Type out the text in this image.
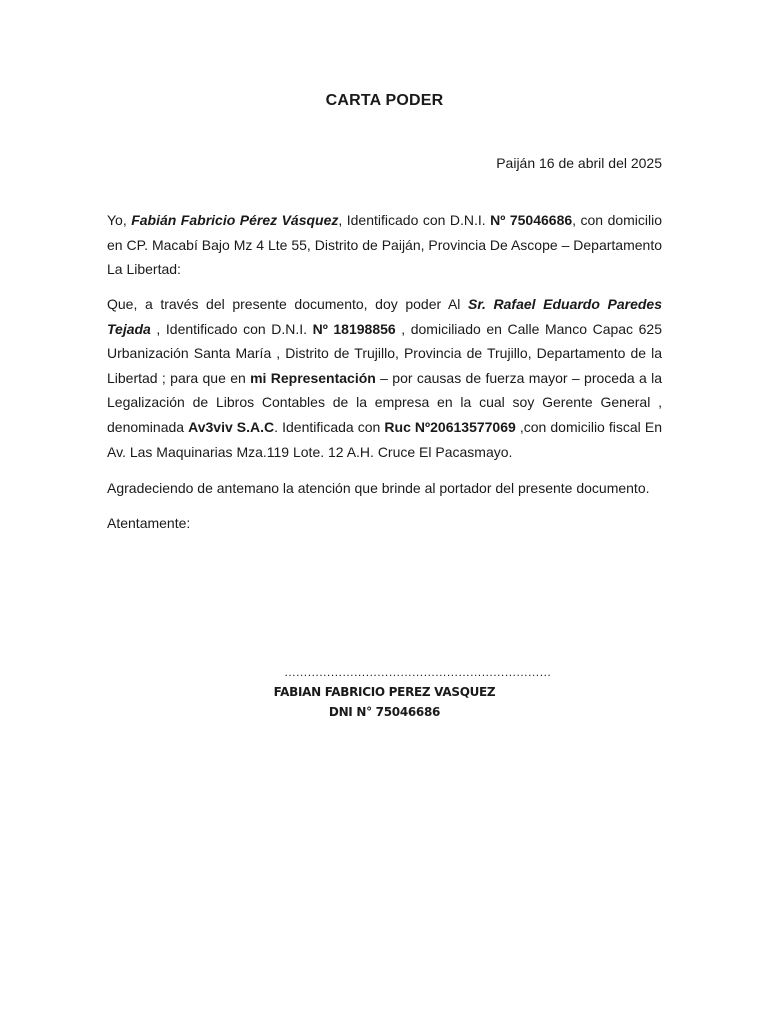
CARTA PODER
Paiján 16 de abril del 2025

Yo, Fabián Fabricio Pérez Vásquez, Identificado con D.N.I. Nº 75046686, con domicilio en CP. Macabí Bajo Mz 4 Lte 55, Distrito de Paiján, Provincia De Ascope – Departamento La Libertad:

Que, a través del presente documento, doy poder Al Sr. Rafael Eduardo Paredes Tejada , Identificado con D.N.I. Nº 18198856 , domiciliado en Calle Manco Capac 625 Urbanización Santa María , Distrito de Trujillo, Provincia de Trujillo, Departamento de la Libertad ; para que en mi Representación – por causas de fuerza mayor – proceda a la Legalización de Libros Contables de la empresa en la cual soy Gerente General , denominada Av3viv S.A.C. Identificada con Ruc Nº20613577069 ,con domicilio fiscal En Av. Las Maquinarias Mza.119 Lote. 12 A.H. Cruce El Pacasmayo.

Agradeciendo de antemano la atención que brinde al portador del presente documento.

Atentamente:

……………………………………………………………
FABIAN FABRICIO PEREZ VASQUEZ
DNI N° 75046686
